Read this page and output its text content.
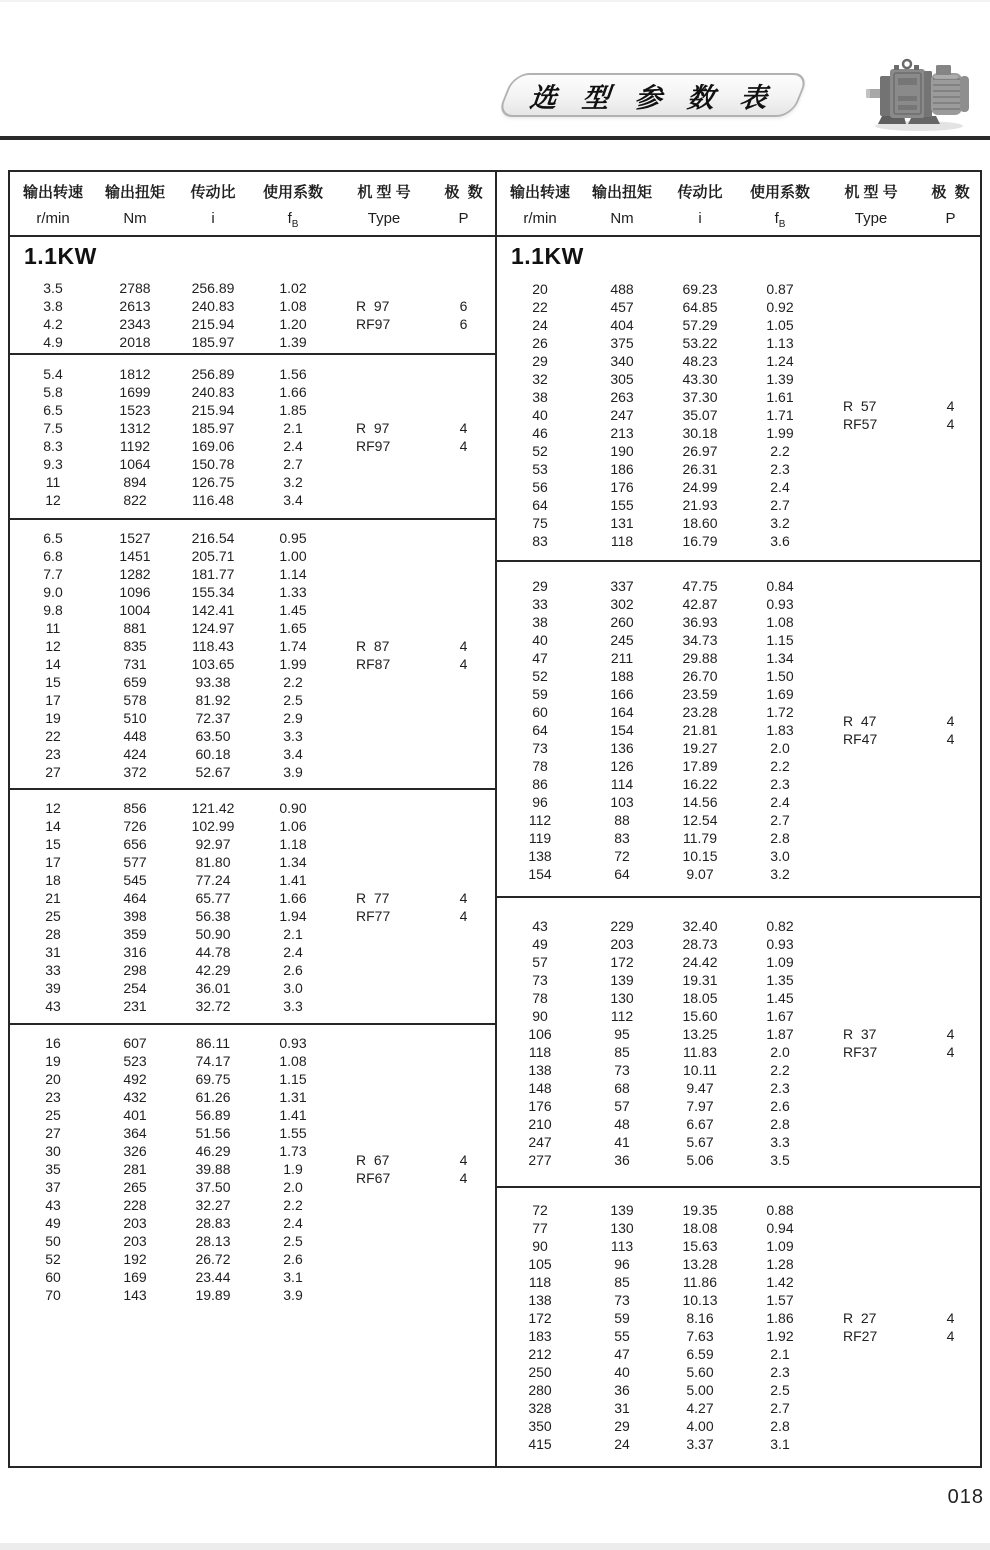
选 型 参 数 表
输出转速	输出扭矩	传动比	使用系数	机 型 号	极  数
r/min	Nm	i	$f_B$	Type	P
1.1KW
3.5	2788	256.89	1.02
3.8	2613	240.83	1.08
4.2	2343	215.94	1.20
4.9	2018	185.97	1.39
R  97	6
RF97	6
5.4	1812	256.89	1.56
5.8	1699	240.83	1.66
6.5	1523	215.94	1.85
7.5	1312	185.97	2.1
8.3	1192	169.06	2.4
9.3	1064	150.78	2.7
11	894	126.75	3.2
12	822	116.48	3.4
R  97	4
RF97	4
6.5	1527	216.54	0.95
6.8	1451	205.71	1.00
7.7	1282	181.77	1.14
9.0	1096	155.34	1.33
9.8	1004	142.41	1.45
11	881	124.97	1.65
12	835	118.43	1.74
14	731	103.65	1.99
15	659	93.38	2.2
17	578	81.92	2.5
19	510	72.37	2.9
22	448	63.50	3.3
23	424	60.18	3.4
27	372	52.67	3.9
R  87	4
RF87	4
12	856	121.42	0.90
14	726	102.99	1.06
15	656	92.97	1.18
17	577	81.80	1.34
18	545	77.24	1.41
21	464	65.77	1.66
25	398	56.38	1.94
28	359	50.90	2.1
31	316	44.78	2.4
33	298	42.29	2.6
39	254	36.01	3.0
43	231	32.72	3.3
R  77	4
RF77	4
16	607	86.11	0.93
19	523	74.17	1.08
20	492	69.75	1.15
23	432	61.26	1.31
25	401	56.89	1.41
27	364	51.56	1.55
30	326	46.29	1.73
35	281	39.88	1.9
37	265	37.50	2.0
43	228	32.27	2.2
49	203	28.83	2.4
50	203	28.13	2.5
52	192	26.72	2.6
60	169	23.44	3.1
70	143	19.89	3.9
R  67	4
RF67	4
输出转速	输出扭矩	传动比	使用系数	机 型 号	极  数
r/min	Nm	i	$f_B$	Type	P
1.1KW
20	488	69.23	0.87
22	457	64.85	0.92
24	404	57.29	1.05
26	375	53.22	1.13
29	340	48.23	1.24
32	305	43.30	1.39
38	263	37.30	1.61
40	247	35.07	1.71
46	213	30.18	1.99
52	190	26.97	2.2
53	186	26.31	2.3
56	176	24.99	2.4
64	155	21.93	2.7
75	131	18.60	3.2
83	118	16.79	3.6
R  57	4
RF57	4
29	337	47.75	0.84
33	302	42.87	0.93
38	260	36.93	1.08
40	245	34.73	1.15
47	211	29.88	1.34
52	188	26.70	1.50
59	166	23.59	1.69
60	164	23.28	1.72
64	154	21.81	1.83
73	136	19.27	2.0
78	126	17.89	2.2
86	114	16.22	2.3
96	103	14.56	2.4
112	88	12.54	2.7
119	83	11.79	2.8
138	72	10.15	3.0
154	64	9.07	3.2
R  47	4
RF47	4
43	229	32.40	0.82
49	203	28.73	0.93
57	172	24.42	1.09
73	139	19.31	1.35
78	130	18.05	1.45
90	112	15.60	1.67
106	95	13.25	1.87
118	85	11.83	2.0
138	73	10.11	2.2
148	68	9.47	2.3
176	57	7.97	2.6
210	48	6.67	2.8
247	41	5.67	3.3
277	36	5.06	3.5
R  37	4
RF37	4
72	139	19.35	0.88
77	130	18.08	0.94
90	113	15.63	1.09
105	96	13.28	1.28
118	85	11.86	1.42
138	73	10.13	1.57
172	59	8.16	1.86
183	55	7.63	1.92
212	47	6.59	2.1
250	40	5.60	2.3
280	36	5.00	2.5
328	31	4.27	2.7
350	29	4.00	2.8
415	24	3.37	3.1
R  27	4
RF27	4
018
